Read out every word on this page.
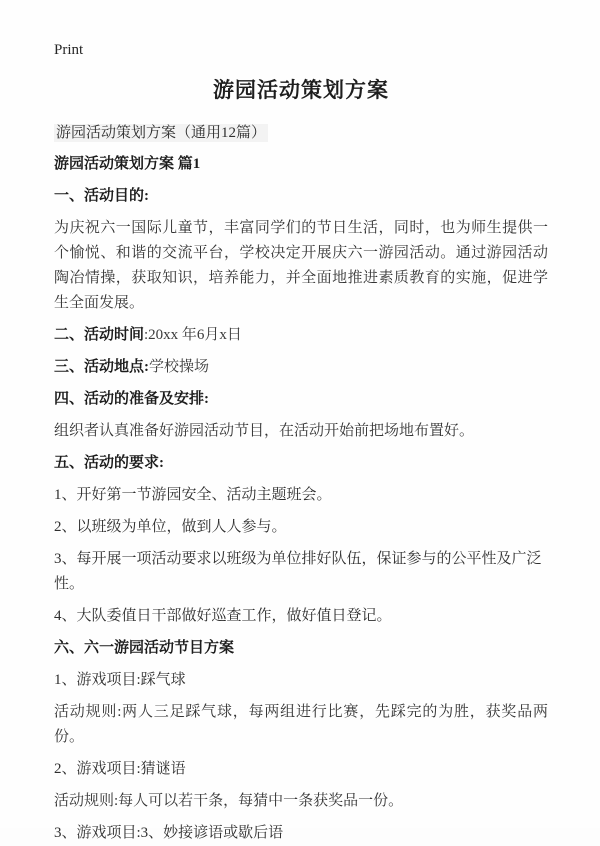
Print
游园活动策划方案

游园活动策划方案（通用12篇）

游园活动策划方案 篇1

一、活动目的:

为庆祝六一国际儿童节，丰富同学们的节日生活，同时，也为师生提供一个愉悦、和谐的交流平台，学校决定开展庆六一游园活动。通过游园活动陶冶情操，获取知识，培养能力，并全面地推进素质教育的实施，促进学生全面发展。

二、活动时间:20xx 年6月x日

三、活动地点:学校操场

四、活动的准备及安排:

组织者认真准备好游园活动节目，在活动开始前把场地布置好。

五、活动的要求:

1、开好第一节游园安全、活动主题班会。

2、以班级为单位，做到人人参与。

3、每开展一项活动要求以班级为单位排好队伍，保证参与的公平性及广泛性。

4、大队委值日干部做好巡查工作，做好值日登记。

六、六一游园活动节目方案

1、游戏项目:踩气球

活动规则:两人三足踩气球，每两组进行比赛，先踩完的为胜，获奖品两份。

2、游戏项目:猜谜语

活动规则:每人可以若干条，每猜中一条获奖品一份。

3、游戏项目:3、妙接谚语或歇后语
